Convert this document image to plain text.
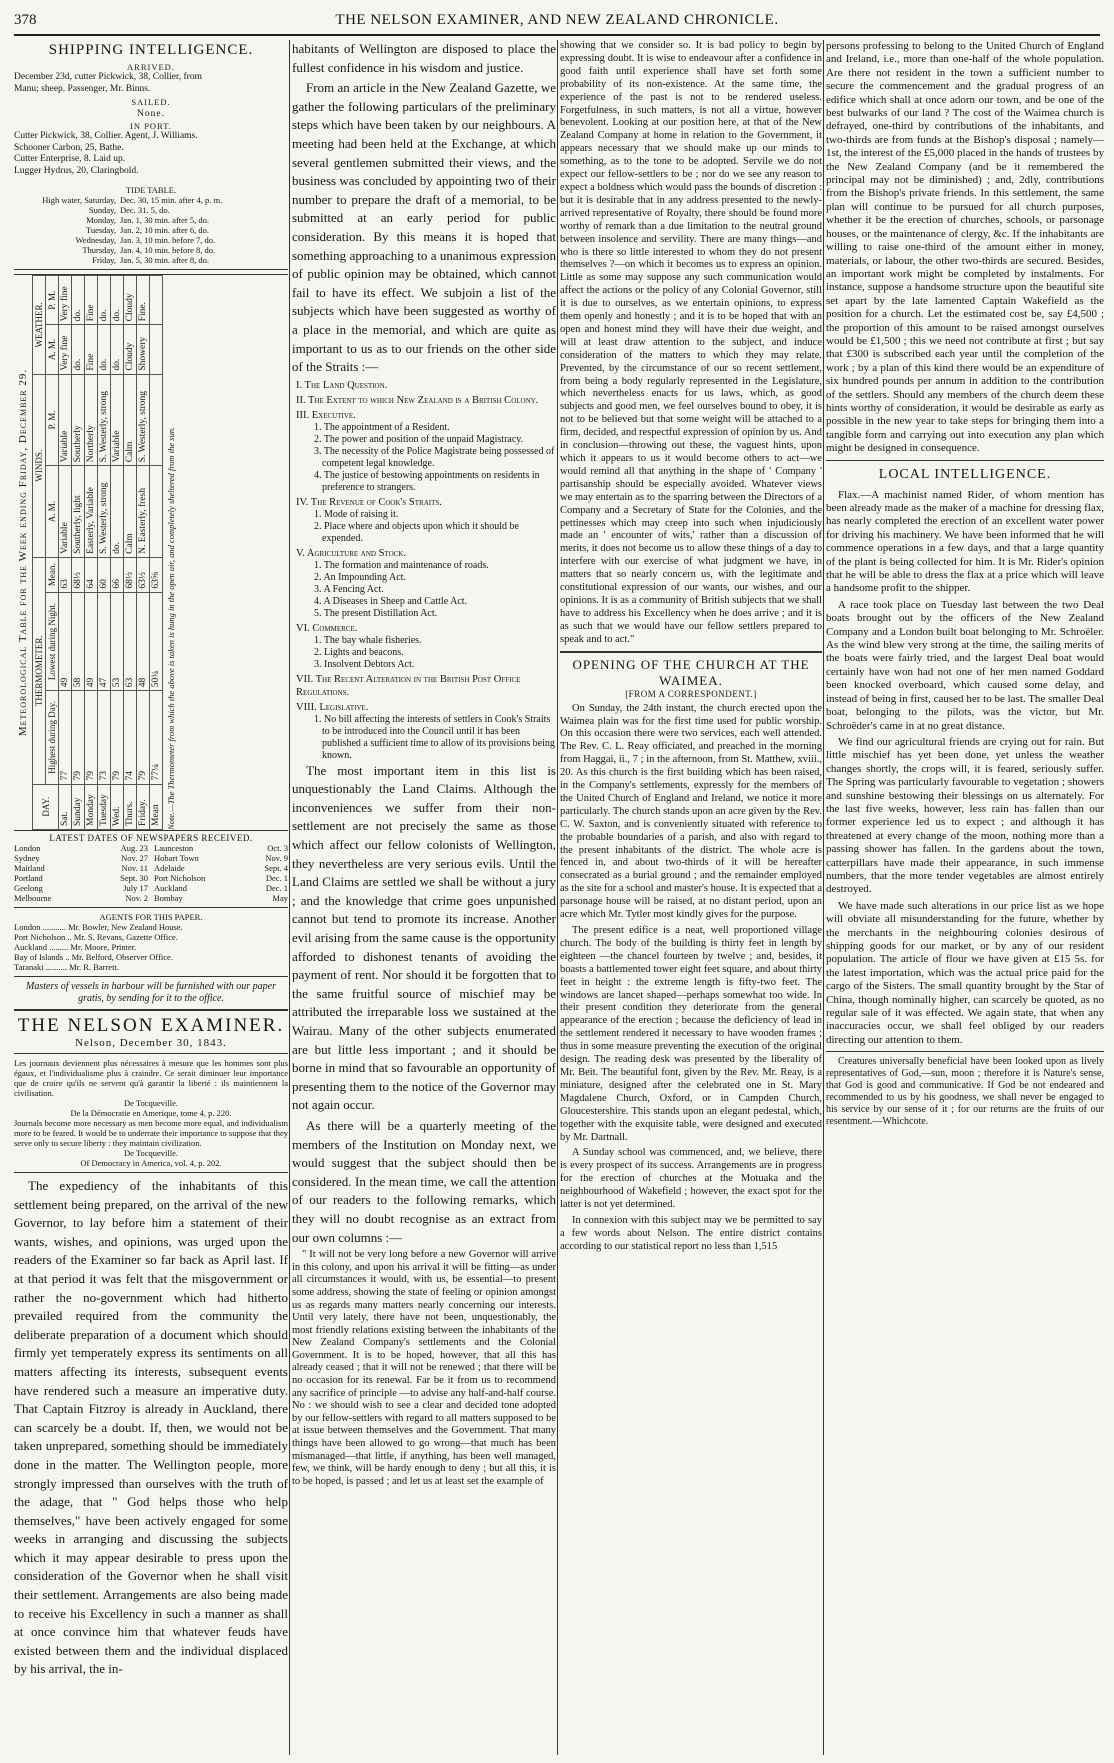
378	THE NELSON EXAMINER, AND NEW ZEALAND CHRONICLE.
SHIPPING INTELLIGENCE.
ARRIVED.

December 23d, cutter Pickwick, 38, Collier, from

Manu; sheep. Passenger, Mr. Binns.

SAILED.
None.
IN PORT.

Cutter Pickwick, 38, Collier. Agent, J. Williams.

Schooner Carbon, 25, Bathe.

Cutter Enterprise, 8. Laid up.

Lugger Hydrus, 20, Claringbold.

TIDE TABLE.
High water, Saturday, Dec. 30, 15 min. after 4, p. m.
Sunday, Dec. 31. 5, do.
Monday, Jan. 1, 30 min. after 5, do.
Tuesday, Jan. 2, 10 min. after 6, do.
Wednesday, Jan. 3, 10 min. before 7, do.
Thursday, Jan. 4, 10 min. before 8, do.
Friday, Jan. 5, 30 min. after 8, do.
Meteorological Table for the Week ending Friday, December 29.
DAY.	THERMOMETER.			WINDS.		WEATHER.	
	Highest during Day.	Lowest during Night.	Mean.	A. M.	P. M.	A. M.	P. M.
Sat.	77	49	63	Variable	Variable	Very fine	Very fine
Sunday	79	58	68½	Southerly, light	Southerly	do.	do.
Monday	79	49	64	Easterly, Variable	Northerly	Fine	Fine
Tuesday	73	47	60	S. Westerly, strong	S. Westerly, strong	do.	do.
Wed.	79	53	66	do.	Variable	do.	do.
Thurs.	74	63	68½	Calm	Calm	Cloudy	Cloudy
Friday.	79	48	63½	N. Easterly, fresh	S. Westerly, strong	Showery	Fine.
Mean	77¼	50¾	63⅝				Note.—The Thermometer from which the above is taken is hung in the open air, and completely sheltered from the sun.
LATEST DATES OF NEWSPAPERS RECEIVED.
London	Aug. 23 Launceston	Oct. 3
Sydney	Nov. 27 Hobart Town	Nov. 9
Maitland	Nov. 11 Adelaide	Sept. 4
Portland	Sept. 30 Port Nicholson	Dec. 1
Geelong	July 17 Auckland	Dec. 1
Melbourne	Nov. 2 Bombay	May
AGENTS FOR THIS PAPER.
London ........... Mr. Bowler, New Zealand House.
Port Nicholson .. Mr. S. Revans, Gazette Office.
Auckland ......... Mr. Moore, Printer.
Bay of Islands .. Mr. Belford, Observer Office.
Taranaki .......... Mr. R. Barrett.
Masters of vessels in harbour will be furnished with our paper gratis, by sending for it to the office.
THE NELSON EXAMINER.
Nelson, December 30, 1843.
Les journaux deviennent plus nécessaires à mesure que les hommes sont plus égaux, et l'individualisme plus à craindre. Ce serait diminuer leur importance que de croire qu'ils ne servent qu'à garantir la liberté : ils maintiennent la civilisation.
De Tocqueville.
De la Démocratie en Amerique, tome 4, p. 220.
Journals become more necessary as men become more equal, and individualism more to be feared. It would be to underrate their importance to suppose that they serve only to secure liberty : they maintain civilization.
De Tocqueville.
Of Democracy in America, vol. 4, p. 202.

The expediency of the inhabitants of this settlement being prepared, on the arrival of the new Governor, to lay before him a statement of their wants, wishes, and opinions, was urged upon the readers of the Examiner so far back as April last. If at that period it was felt that the misgovernment or rather the no-government which had hitherto prevailed required from the community the deliberate preparation of a document which should firmly yet temperately express its sentiments on all matters affecting its interests, subsequent events have rendered such a measure an imperative duty. That Captain Fitzroy is already in Auckland, there can scarcely be a doubt. If, then, we would not be taken unprepared, something should be immediately done in the matter. The Wellington people, more strongly impressed than ourselves with the truth of the adage, that " God helps those who help themselves," have been actively engaged for some weeks in arranging and discussing the subjects which it may appear desirable to press upon the consideration of the Governor when he shall visit their settlement. Arrangements are also being made to receive his Excellency in such a manner as shall at once convince him that whatever feuds have existed between them and the individual displaced by his arrival, the in-

habitants of Wellington are disposed to place the fullest confidence in his wisdom and justice.

From an article in the New Zealand Gazette, we gather the following particulars of the preliminary steps which have been taken by our neighbours. A meeting had been held at the Exchange, at which several gentlemen submitted their views, and the business was concluded by appointing two of their number to prepare the draft of a memorial, to be submitted at an early period for public consideration. By this means it is hoped that something approaching to a unanimous expression of public opinion may be obtained, which cannot fail to have its effect. We subjoin a list of the subjects which have been suggested as worthy of a place in the memorial, and which are quite as important to us as to our friends on the other side of the Straits :—

I. The Land Question.
II. The Extent to which New Zealand is a British Colony.
III. Executive.
1. The appointment of a Resident.
2. The power and position of the unpaid Magistracy.
3. The necessity of the Police Magistrate being possessed of competent legal knowledge.
4. The justice of bestowing appointments on residents in preference to strangers.
IV. The Revenue of Cook's Straits.
1. Mode of raising it.
2. Place where and objects upon which it should be expended.
V. Agriculture and Stock.
1. The formation and maintenance of roads.
2. An Impounding Act.
3. A Fencing Act.
4. A Diseases in Sheep and Cattle Act.
5. The present Distillation Act.
VI. Commerce.
1. The bay whale fisheries.
2. Lights and beacons.
3. Insolvent Debtors Act.
VII. The Recent Alteration in the British Post Office Regulations.
VIII. Legislative.
1. No bill affecting the interests of settlers in Cook's Straits to be introduced into the Council until it has been published a sufficient time to allow of its provisions being known.

The most important item in this list is unquestionably the Land Claims. Although the inconveniences we suffer from their non-settlement are not precisely the same as those which affect our fellow colonists of Wellington, they nevertheless are very serious evils. Until the Land Claims are settled we shall be without a jury ; and the knowledge that crime goes unpunished cannot but tend to promote its increase. Another evil arising from the same cause is the opportunity afforded to dishonest tenants of avoiding the payment of rent. Nor should it be forgotten that to the same fruitful source of mischief may be attributed the irreparable loss we sustained at the Wairau. Many of the other subjects enumerated are but little less important ; and it should be borne in mind that so favourable an opportunity of presenting them to the notice of the Governor may not again occur.

As there will be a quarterly meeting of the members of the Institution on Monday next, we would suggest that the subject should then be considered. In the mean time, we call the attention of our readers to the following remarks, which they will no doubt recognise as an extract from our own columns :—

" It will not be very long before a new Governor will arrive in this colony, and upon his arrival it will be fitting—as under all circumstances it would, with us, be essential—to present some address, showing the state of feeling or opinion amongst us as regards many matters nearly concerning our interests. Until very lately, there have not been, unquestionably, the most friendly relations existing between the inhabitants of the New Zealand Company's settlements and the Colonial Government. It is to be hoped, however, that all this has already ceased ; that it will not be renewed ; that there will be no occasion for its renewal. Far be it from us to recommend any sacrifice of principle —to advise any half-and-half course. No : we should wish to see a clear and decided tone adopted by our fellow-settlers with regard to all matters supposed to be at issue between themselves and the Government. That many things have been allowed to go wrong—that much has been mismanaged—that little, if anything, has been well managed, few, we think, will be hardy enough to deny ; but all this, it is to be hoped, is passed ; and let us at least set the example of

showing that we consider so. It is bad policy to begin by expressing doubt. It is wise to endeavour after a confidence in good faith until experience shall have set forth some probability of its non-existence. At the same time, the experience of the past is not to be rendered useless. Forgetfulness, in such matters, is not all a virtue, however benevolent. Looking at our position here, at that of the New Zealand Company at home in relation to the Government, it appears necessary that we should make up our minds to something, as to the tone to be adopted. Servile we do not expect our fellow-settlers to be ; nor do we see any reason to expect a boldness which would pass the bounds of discretion : but it is desirable that in any address presented to the newly-arrived representative of Royalty, there should be found more worthy of remark than a due limitation to the neutral ground between insolence and servility. There are many things—and who is there so little interested to whom they do not present themselves ?—on which it becomes us to express an opinion. Little as some may suppose any such communication would affect the actions or the policy of any Colonial Governor, still it is due to ourselves, as we entertain opinions, to express them openly and honestly ; and it is to be hoped that with an open and honest mind they will have their due weight, and will at least draw attention to the subject, and induce consideration of the matters to which they may relate. Prevented, by the circumstance of our so recent settlement, from being a body regularly represented in the Legislature, which nevertheless enacts for us laws, which, as good subjects and good men, we feel ourselves bound to obey, it is not to be believed but that some weight will be attached to a firm, decided, and respectful expression of opinion by us. And in conclusion—throwing out these, the vaguest hints, upon which it appears to us it would become others to act—we would remind all that anything in the shape of ' Company ' partisanship should be especially avoided. Whatever views we may entertain as to the sparring between the Directors of a Company and a Secretary of State for the Colonies, and the pettinesses which may creep into such when injudiciously made an ' encounter of wits,' rather than a discussion of merits, it does not become us to allow these things of a day to interfere with our exercise of what judgment we have, in matters that so nearly concern us, with the legitimate and constitutional expression of our wants, our wishes, and our opinions. It is as a community of British subjects that we shall have to address his Excellency when he does arrive ; and it is as such that we would have our fellow settlers prepared to speak and to act."

OPENING OF THE CHURCH AT THE WAIMEA.
[FROM A CORRESPONDENT.]

On Sunday, the 24th instant, the church erected upon the Waimea plain was for the first time used for public worship. On this occasion there were two services, each well attended. The Rev. C. L. Reay officiated, and preached in the morning from Haggai, ii., 7 ; in the afternoon, from St. Matthew, xviii., 20. As this church is the first building which has been raised, in the Company's settlements, expressly for the members of the United Church of England and Ireland, we notice it more particularly. The church stands upon an acre given by the Rev. C. W. Saxton, and is conveniently situated with reference to the probable boundaries of a parish, and also with regard to the present inhabitants of the district. The whole acre is fenced in, and about two-thirds of it will be hereafter consecrated as a burial ground ; and the remainder employed as the site for a school and master's house. It is expected that a parsonage house will be raised, at no distant period, upon an acre which Mr. Tytler most kindly gives for the purpose.

The present edifice is a neat, well proportioned village church. The body of the building is thirty feet in length by eighteen —the chancel fourteen by twelve ; and, besides, it boasts a battlemented tower eight feet square, and about thirty feet in height : the extreme length is fifty-two feet. The windows are lancet shaped—perhaps somewhat too wide. In their present condition they deteriorate from the general appearance of the erection ; because the deficiency of lead in the settlement rendered it necessary to have wooden frames ; thus in some measure preventing the execution of the original design. The reading desk was presented by the liberality of Mr. Beit. The beautiful font, given by the Rev. Mr. Reay, is a miniature, designed after the celebrated one in St. Mary Magdalene Church, Oxford, or in Campden Church, Gloucestershire. This stands upon an elegant pedestal, which, together with the exquisite table, were designed and executed by Mr. Dartnall.

A Sunday school was commenced, and, we believe, there is every prospect of its success. Arrangements are in progress for the erection of churches at the Motuaka and the neighbourhood of Wakefield ; however, the exact spot for the latter is not yet determined.

In connexion with this subject may we be permitted to say a few words about Nelson. The entire district contains according to our statistical report no less than 1,515

persons professing to belong to the United Church of England and Ireland, i.e., more than one-half of the whole population. Are there not resident in the town a sufficient number to secure the commencement and the gradual progress of an edifice which shall at once adorn our town, and be one of the best bulwarks of our land ? The cost of the Waimea church is defrayed, one-third by contributions of the inhabitants, and two-thirds are from funds at the Bishop's disposal ; namely—1st, the interest of the £5,000 placed in the hands of trustees by the New Zealand Company (and be it remembered the principal may not be diminished) ; and, 2dly, contributions from the Bishop's private friends. In this settlement, the same plan will continue to be pursued for all church purposes, whether it be the erection of churches, schools, or parsonage houses, or the maintenance of clergy, &c. If the inhabitants are willing to raise one-third of the amount either in money, materials, or labour, the other two-thirds are secured. Besides, an important work might be completed by instalments. For instance, suppose a handsome structure upon the beautiful site set apart by the late lamented Captain Wakefield as the position for a church. Let the estimated cost be, say £4,500 ; the proportion of this amount to be raised amongst ourselves would be £1,500 ; this we need not contribute at first ; but say that £300 is subscribed each year until the completion of the work ; by a plan of this kind there would be an expenditure of six hundred pounds per annum in addition to the contribution of the settlers. Should any members of the church deem these hints worthy of consideration, it would be desirable as early as possible in the new year to take steps for bringing them into a tangible form and carrying out into execution any plan which might be designed in consequence.

LOCAL INTELLIGENCE.

Flax.—A machinist named Rider, of whom mention has been already made as the maker of a machine for dressing flax, has nearly completed the erection of an excellent water power for driving his machinery. We have been informed that he will commence operations in a few days, and that a large quantity of the plant is being collected for him. It is Mr. Rider's opinion that he will be able to dress the flax at a price which will leave a handsome profit to the shipper.

A race took place on Tuesday last between the two Deal boats brought out by the officers of the New Zealand Company and a London built boat belonging to Mr. Schroëler. As the wind blew very strong at the time, the sailing merits of the boats were fairly tried, and the largest Deal boat would certainly have won had not one of her men named Goddard been knocked overboard, which caused some delay, and instead of being in first, caused her to be last. The smaller Deal boat, belonging to the pilots, was the victor, but Mr. Schroëder's came in at no great distance.

We find our agricultural friends are crying out for rain. But little mischief has yet been done, yet unless the weather changes shortly, the crops will, it is feared, seriously suffer. The Spring was particularly favourable to vegetation ; showers and sunshine bestowing their blessings on us alternately. For the last five weeks, however, less rain has fallen than our former experience led us to expect ; and although it has threatened at every change of the moon, nothing more than a passing shower has fallen. In the gardens about the town, catterpillars have made their appearance, in such immense numbers, that the more tender vegetables are almost entirely destroyed.

We have made such alterations in our price list as we hope will obviate all misunderstanding for the future, whether by the merchants in the neighbouring colonies desirous of shipping goods for our market, or by any of our resident population. The article of flour we have given at £15 5s. for the latest importation, which was the actual price paid for the cargo of the Sisters. The small quantity brought by the Star of China, though nominally higher, can scarcely be quoted, as no regular sale of it was effected. We again state, that when any inaccuracies occur, we shall feel obliged by our readers directing our attention to them.

Creatures universally beneficial have been looked upon as lively representatives of God,—sun, moon ; therefore it is Nature's sense, that God is good and communicative. If God be not endeared and recommended to us by his goodness, we shall never be engaged to his service by our sense of it ; for our returns are the fruits of our resentment.—Whichcote.
